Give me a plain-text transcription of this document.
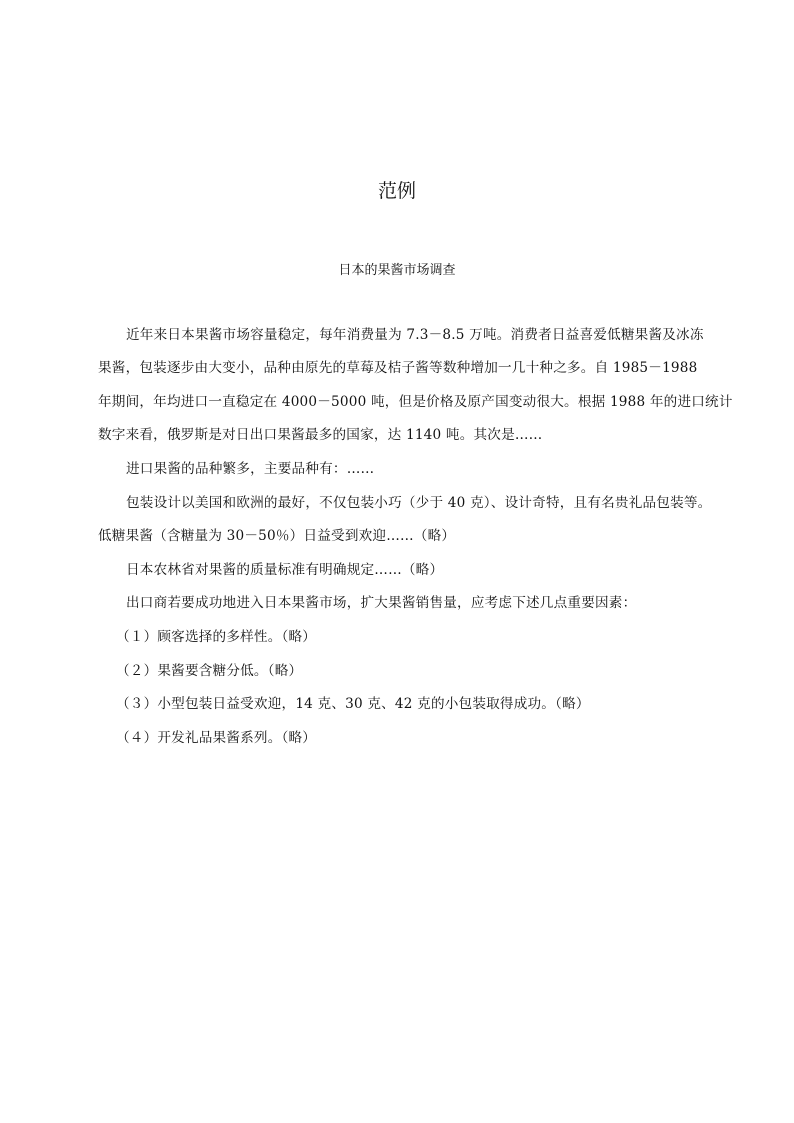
范例
日本的果酱市场调查
近年来日本果酱市场容量稳定，每年消费量为 7.3－8.5 万吨。消费者日益喜爱低糖果酱及冰冻
果酱，包装逐步由大变小，品种由原先的草莓及桔子酱等数种增加一几十种之多。自 1985－1988
年期间，年均进口一直稳定在 4000－5000 吨，但是价格及原产国变动很大。根据 1988 年的进口统计
数字来看，俄罗斯是对日出口果酱最多的国家，达 1140 吨。其次是……
进口果酱的品种繁多，主要品种有：……
包装设计以美国和欧洲的最好，不仅包装小巧（少于 40 克）、设计奇特，且有名贵礼品包装等。
低糖果酱（含糖量为 30－50％）日益受到欢迎……（略）
日本农林省对果酱的质量标准有明确规定……（略）
出口商若要成功地进入日本果酱市场，扩大果酱销售量，应考虑下述几点重要因素：
（１）顾客选择的多样性。（略）
（２）果酱要含糖分低。（略）
（３）小型包装日益受欢迎，14 克、30 克、42 克的小包装取得成功。（略）
（４）开发礼品果酱系列。（略）
